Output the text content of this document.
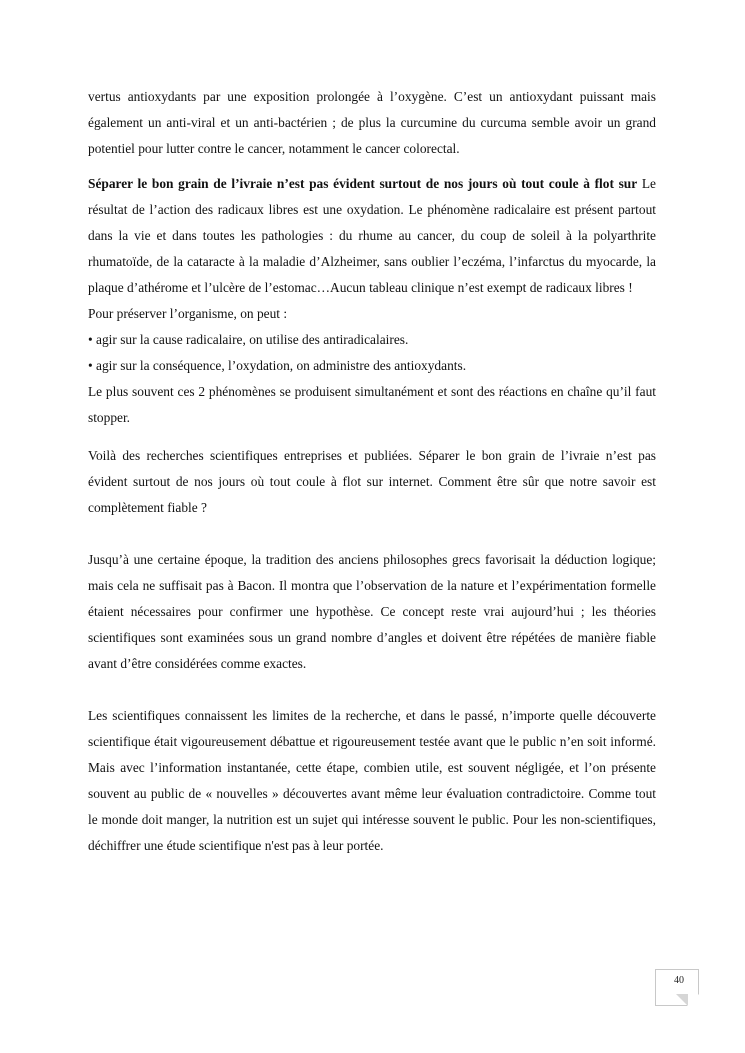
vertus antioxydants par une exposition prolongée à l’oxygène. C’est un antioxydant puissant mais également un anti-viral et un anti-bactérien ; de plus la curcumine du curcuma semble avoir un grand potentiel pour lutter contre le cancer, notamment le cancer colorectal.

Séparer le bon grain de l’ivraie n’est pas évident surtout de nos jours où tout coule à flot sur Le résultat de l’action des radicaux libres est une oxydation. Le phénomène radicalaire est présent partout dans la vie et dans toutes les pathologies : du rhume au cancer, du coup de soleil à la polyarthrite rhumatoïde, de la cataracte à la maladie d’Alzheimer, sans oublier l’eczéma, l’infarctus du myocarde, la plaque d’athérome et l’ulcère de l’estomac…Aucun tableau clinique n’est exempt de radicaux libres !

Pour préserver l’organisme, on peut :
• agir sur la cause radicalaire, on utilise des antiradicalaires.
• agir sur la conséquence, l’oxydation, on administre des antioxydants.

Le plus souvent ces 2 phénomènes se produisent simultanément et sont des réactions en chaîne qu’il faut stopper.

Voilà des recherches scientifiques entreprises et publiées. Séparer le bon grain de l’ivraie n’est pas évident surtout de nos jours où tout coule à flot sur internet. Comment être sûr que notre savoir est complètement fiable ?

Jusqu’à une certaine époque, la tradition des anciens philosophes grecs favorisait la déduction logique; mais cela ne suffisait pas à Bacon. Il montra que l’observation de la nature et l’expérimentation formelle étaient nécessaires pour confirmer une hypothèse. Ce concept reste vrai aujourd’hui ; les théories scientifiques sont examinées sous un grand nombre d’angles et doivent être répétées de manière fiable avant d’être considérées comme exactes.

Les scientifiques connaissent les limites de la recherche, et dans le passé, n’importe quelle découverte scientifique était vigoureusement débattue et rigoureusement testée avant que le public n’en soit informé. Mais avec l’information instantanée, cette étape, combien utile, est souvent négligée, et l’on présente souvent au public de « nouvelles » découvertes avant même leur évaluation contradictoire. Comme tout le monde doit manger, la nutrition est un sujet qui intéresse souvent le public. Pour les non-scientifiques, déchiffrer une étude scientifique n'est pas à leur portée.

40
